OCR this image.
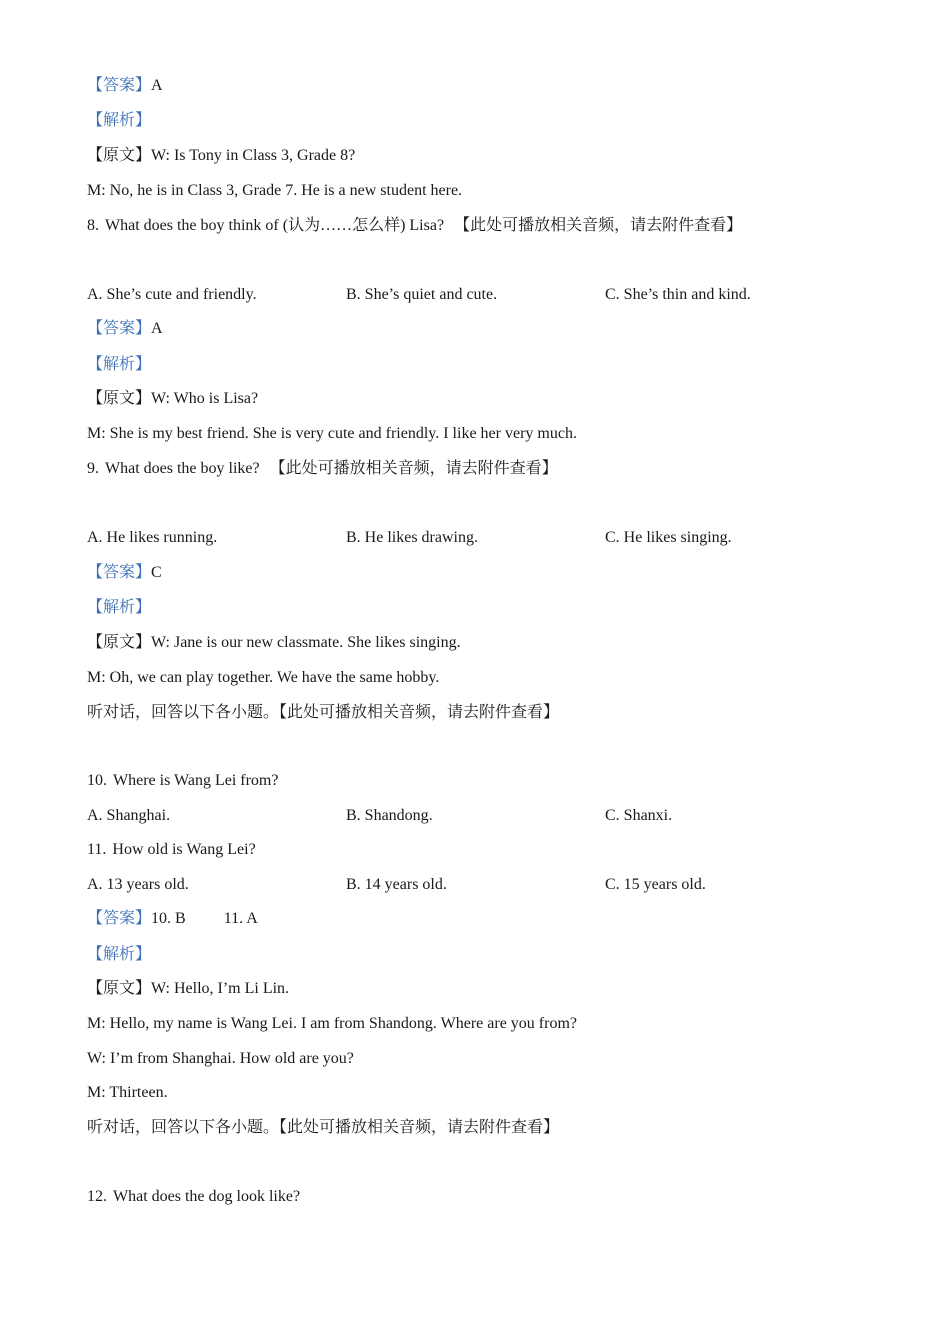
【答案】A
【解析】
【原文】W: Is Tony in Class 3, Grade 8?
M: No, he is in Class 3, Grade 7. He is a new student here.
8. What does the boy think of (认为……怎么样) Lisa? 【此处可播放相关音频，请去附件查看】
A. She’s cute and friendly.	B. She’s quiet and cute.	C. She’s thin and kind.
【答案】A
【解析】
【原文】W: Who is Lisa?
M: She is my best friend. She is very cute and friendly. I like her very much.
9. What does the boy like? 【此处可播放相关音频，请去附件查看】
A. He likes running.	B. He likes drawing.	C. He likes singing.
【答案】C
【解析】
【原文】W: Jane is our new classmate. She likes singing.
M: Oh, we can play together. We have the same hobby.
听对话，回答以下各小题。【此处可播放相关音频，请去附件查看】
10. Where is Wang Lei from?
A. Shanghai.	B. Shandong.	C. Shanxi.
11. How old is Wang Lei?
A. 13 years old.	B. 14 years old.	C. 15 years old.
【答案】10. B 11. A
【解析】
【原文】W: Hello, I’m Li Lin.
M: Hello, my name is Wang Lei. I am from Shandong. Where are you from?
W: I’m from Shanghai. How old are you?
M: Thirteen.
听对话，回答以下各小题。【此处可播放相关音频，请去附件查看】
12. What does the dog look like?
